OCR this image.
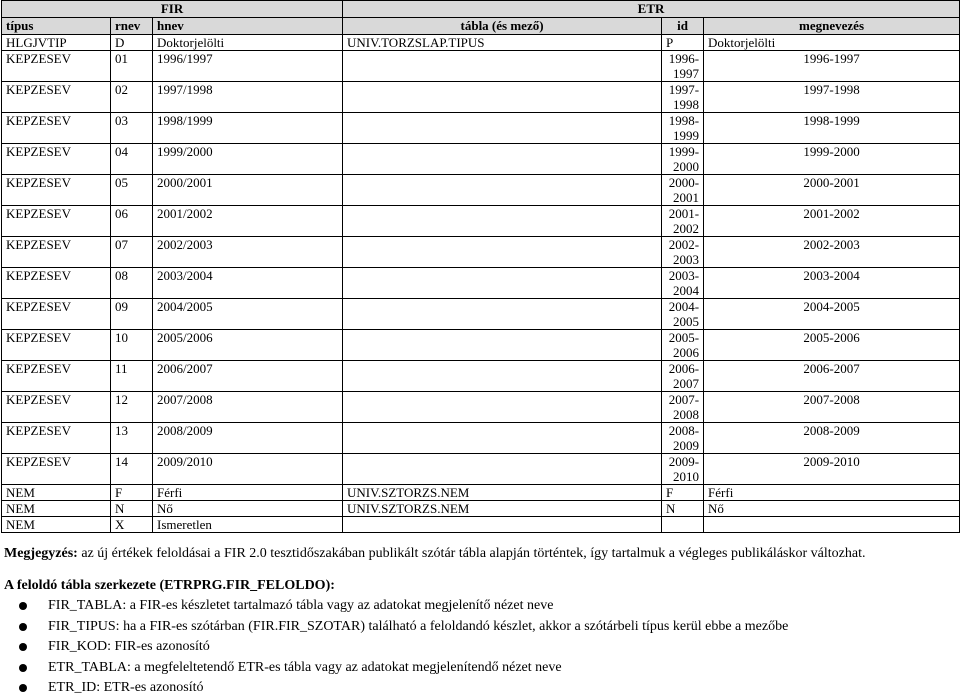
FIR			ETR		
típus	rnev	hnev	tábla (és mező)	id	megnevezés
HLGJVTIP	D	Doktorjelölti	UNIV.TORZSLAP.TIPUS	P	Doktorjelölti
KEPZESEV	01	1996/1997		1996-1997	1996-1997
KEPZESEV	02	1997/1998		1997-1998	1997-1998
KEPZESEV	03	1998/1999		1998-1999	1998-1999
KEPZESEV	04	1999/2000		1999-2000	1999-2000
KEPZESEV	05	2000/2001		2000-2001	2000-2001
KEPZESEV	06	2001/2002		2001-2002	2001-2002
KEPZESEV	07	2002/2003		2002-2003	2002-2003
KEPZESEV	08	2003/2004		2003-2004	2003-2004
KEPZESEV	09	2004/2005		2004-2005	2004-2005
KEPZESEV	10	2005/2006		2005-2006	2005-2006
KEPZESEV	11	2006/2007		2006-2007	2006-2007
KEPZESEV	12	2007/2008		2007-2008	2007-2008
KEPZESEV	13	2008/2009		2008-2009	2008-2009
KEPZESEV	14	2009/2010		2009-2010	2009-2010
NEM	F	Férfi	UNIV.SZTORZS.NEM	F	Férfi
NEM	N	Nő	UNIV.SZTORZS.NEM	N	Nő
NEM	X	Ismeretlen			
Megjegyzés: az új értékek feloldásai a FIR 2.0 tesztidőszakában publikált szótár tábla alapján történtek, így tartalmuk a végleges publikáláskor változhat.
A feloldó tábla szerkezete (ETRPRG.FIR_FELOLDO):
FIR_TABLA: a FIR-es készletet tartalmazó tábla vagy az adatokat megjelenítő nézet neve
FIR_TIPUS: ha a FIR-es szótárban (FIR.FIR_SZOTAR) található a feloldandó készlet, akkor a szótárbeli típus kerül ebbe a mezőbe
FIR_KOD: FIR-es azonosító
ETR_TABLA: a megfeleltetendő ETR-es tábla vagy az adatokat megjelenítendő nézet neve
ETR_ID: ETR-es azonosító
